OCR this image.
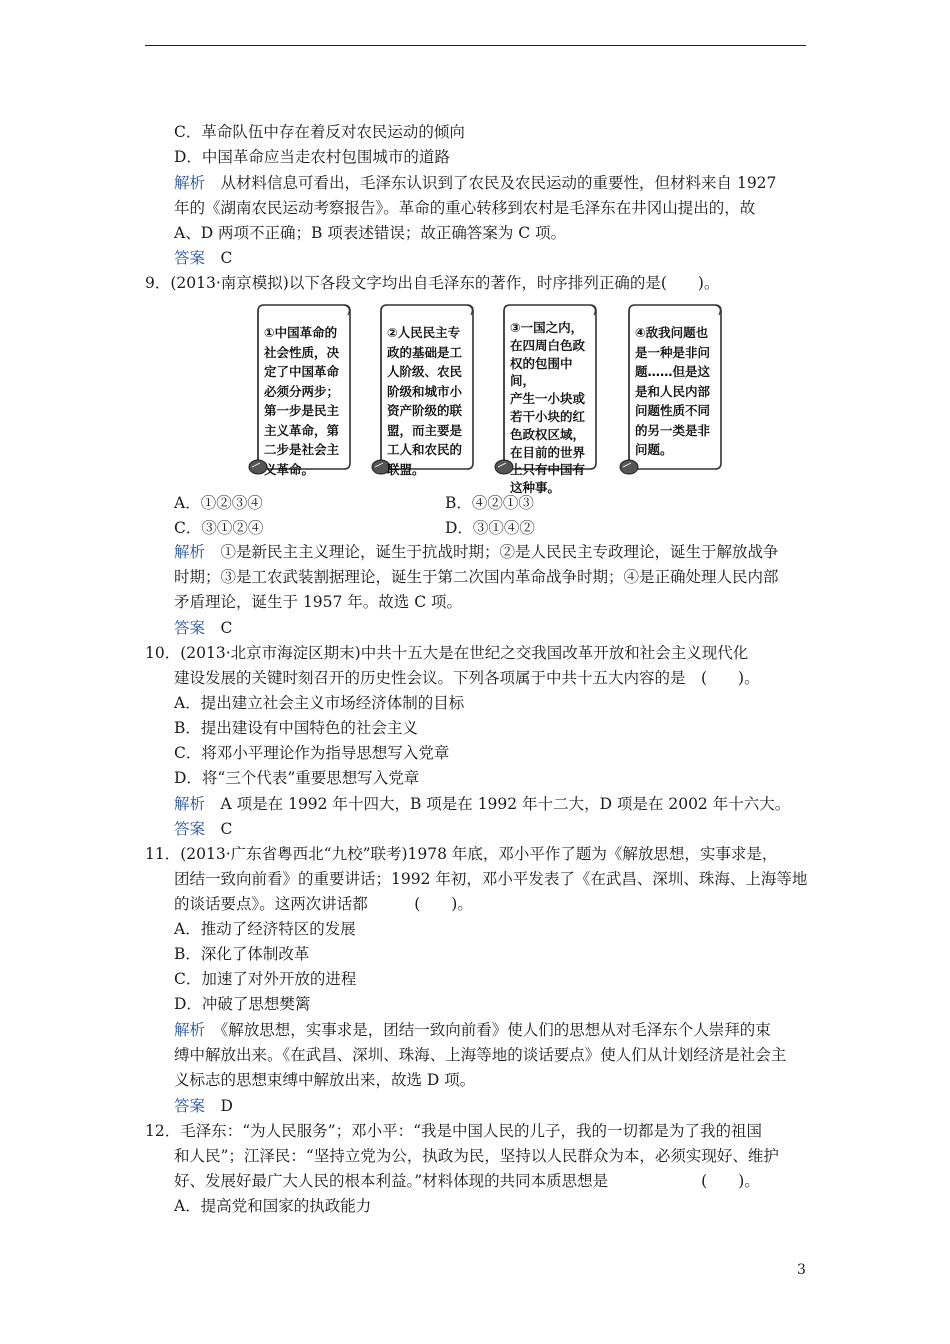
C．革命队伍中存在着反对农民运动的倾向
D．中国革命应当走农村包围城市的道路
解析　 从材料信息可看出，毛泽东认识到了农民及农民运动的重要性，但材料来自 1927
年的《湖南农民运动考察报告》。革命的重心转移到农村是毛泽东在井冈山提出的，故
A、D 两项不正确；B 项表述错误；故正确答案为 C 项。
答案　 C
9．(2013·南京模拟)以下各段文字均出自毛泽东的著作，时序排列正确的是(　　)。
①中国革命的
社会性质，决
定了中国革命
必须分两步；
第一步是民主
主义革命，第
二步是社会主
义革命。
②人民民主专
政的基础是工
人阶级、农民
阶级和城市小
资产阶级的联
盟，而主要是
工人和农民的
联盟。
③一国之内，
在四周白色政
权的包围中间，
产生一小块或
若干小块的红
色政权区域，
在目前的世界
上只有中国有
这种事。
④敌我问题也
是一种是非问
题……但是这
是和人民内部
问题性质不同
的另一类是非
问题。
A．①②③④	B．④②①③
C．③①②④	D．③①④②
解析　 ①是新民主主义理论，诞生于抗战时期；②是人民民主专政理论，诞生于解放战争
时期；③是工农武装割据理论，诞生于第二次国内革命战争时期；④是正确处理人民内部
矛盾理论，诞生于 1957 年。故选 C 项。
答案　 C
10．(2013·北京市海淀区期末)中共十五大是在世纪之交我国改革开放和社会主义现代化
建设发展的关键时刻召开的历史性会议。下列各项属于中共十五大内容的是　(　　)。
A．提出建立社会主义市场经济体制的目标
B．提出建设有中国特色的社会主义
C．将邓小平理论作为指导思想写入党章
D．将“三个代表”重要思想写入党章
解析　 A 项是在 1992 年十四大，B 项是在 1992 年十二大，D 项是在 2002 年十六大。
答案　 C
11．(2013·广东省粤西北“九校”联考)1978 年底，邓小平作了题为《解放思想，实事求是，
团结一致向前看》的重要讲话；1992 年初，邓小平发表了《在武昌、深圳、珠海、上海等地
的谈话要点》。这两次讲话都　　　(　　)。
A．推动了经济特区的发展
B．深化了体制改革
C．加速了对外开放的进程
D．冲破了思想樊篱
解析　 《解放思想，实事求是，团结一致向前看》使人们的思想从对毛泽东个人崇拜的束
缚中解放出来。《在武昌、深圳、珠海、上海等地的谈话要点》使人们从计划经济是社会主
义标志的思想束缚中解放出来，故选 D 项。
答案　 D
12．毛泽东：“为人民服务”；邓小平：“我是中国人民的儿子，我的一切都是为了我的祖国
和人民”；江泽民：“坚持立党为公，执政为民，坚持以人民群众为本，必须实现好、维护
好、发展好最广大人民的根本利益。”材料体现的共同本质思想是　　　　　　(　　)。
A．提高党和国家的执政能力
3
